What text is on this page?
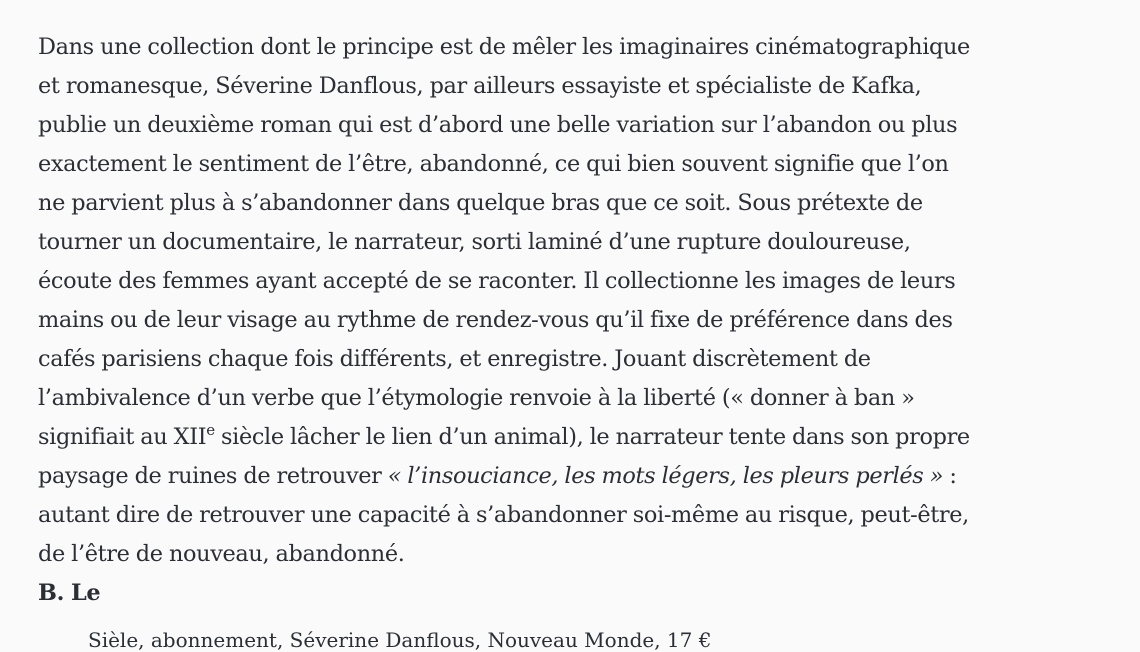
Dans une collection dont le principe est de mêler les imaginaires cinématographique et romanesque, Séverine Danflous, par ailleurs essayiste et spécialiste de Kafka, publie un deuxième roman qui est d’abord une belle variation sur l’abandon ou plus exactement le sentiment de l’être, abandonné, ce qui bien souvent signifie que l’on ne parvient plus à s’abandonner dans quelque bras que ce soit. Sous prétexte de tourner un documentaire, le narrateur, sorti laminé d’une rupture douloureuse, écoute des femmes ayant accepté de se raconter. Il collectionne les images de leurs mains ou de leur visage au rythme de rendez-vous qu’il fixe de préférence dans des cafés parisiens chaque fois différents, et enregistre. Jouant discrètement de l’ambivalence d’un verbe que l’étymologie renvoie à la liberté (« donner à ban » signifiait au XIIe siècle lâcher le lien d’un animal), le narrateur tente dans son propre paysage de ruines de retrouver « l’insouciance, les mots légers, les pleurs perlés » : autant dire de retrouver une capacité à s’abandonner soi-même au risque, peut-être, de l’être de nouveau, abandonné.

B. Le

Sièle, abonnement, Séverine Danflous, Nouveau Monde, 17 €
